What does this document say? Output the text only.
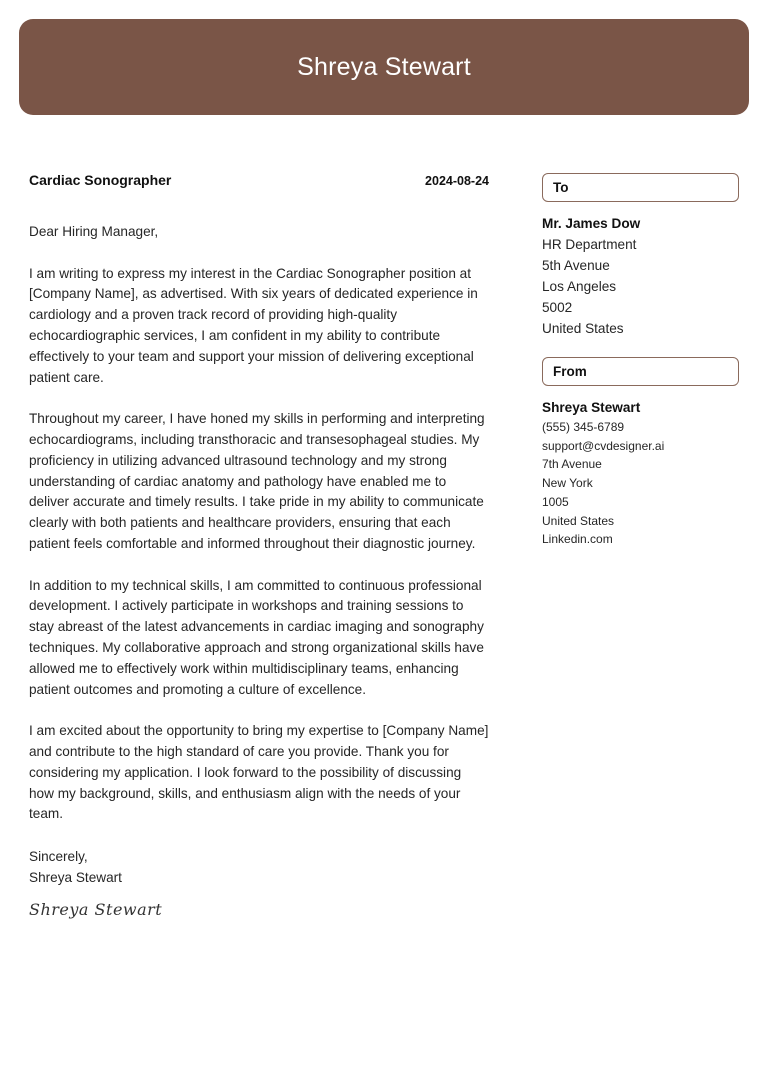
Shreya Stewart
Cardiac Sonographer	2024-08-24

Dear Hiring Manager,

I am writing to express my interest in the Cardiac Sonographer position at [Company Name], as advertised. With six years of dedicated experience in cardiology and a proven track record of providing high-quality echocardiographic services, I am confident in my ability to contribute effectively to your team and support your mission of delivering exceptional patient care.

Throughout my career, I have honed my skills in performing and interpreting echocardiograms, including transthoracic and transesophageal studies. My proficiency in utilizing advanced ultrasound technology and my strong understanding of cardiac anatomy and pathology have enabled me to deliver accurate and timely results. I take pride in my ability to communicate clearly with both patients and healthcare providers, ensuring that each patient feels comfortable and informed throughout their diagnostic journey.

In addition to my technical skills, I am committed to continuous professional development. I actively participate in workshops and training sessions to stay abreast of the latest advancements in cardiac imaging and sonography techniques. My collaborative approach and strong organizational skills have allowed me to effectively work within multidisciplinary teams, enhancing patient outcomes and promoting a culture of excellence.

I am excited about the opportunity to bring my expertise to [Company Name] and contribute to the high standard of care you provide. Thank you for considering my application. I look forward to the possibility of discussing how my background, skills, and enthusiasm align with the needs of your team.

Sincerely,
Shreya Stewart
Shreya Stewart
To
Mr. James Dow
HR Department
5th Avenue
Los Angeles
5002
United States
From
Shreya Stewart
(555) 345-6789
support@cvdesigner.ai
7th Avenue
New York
1005
United States
Linkedin.com
